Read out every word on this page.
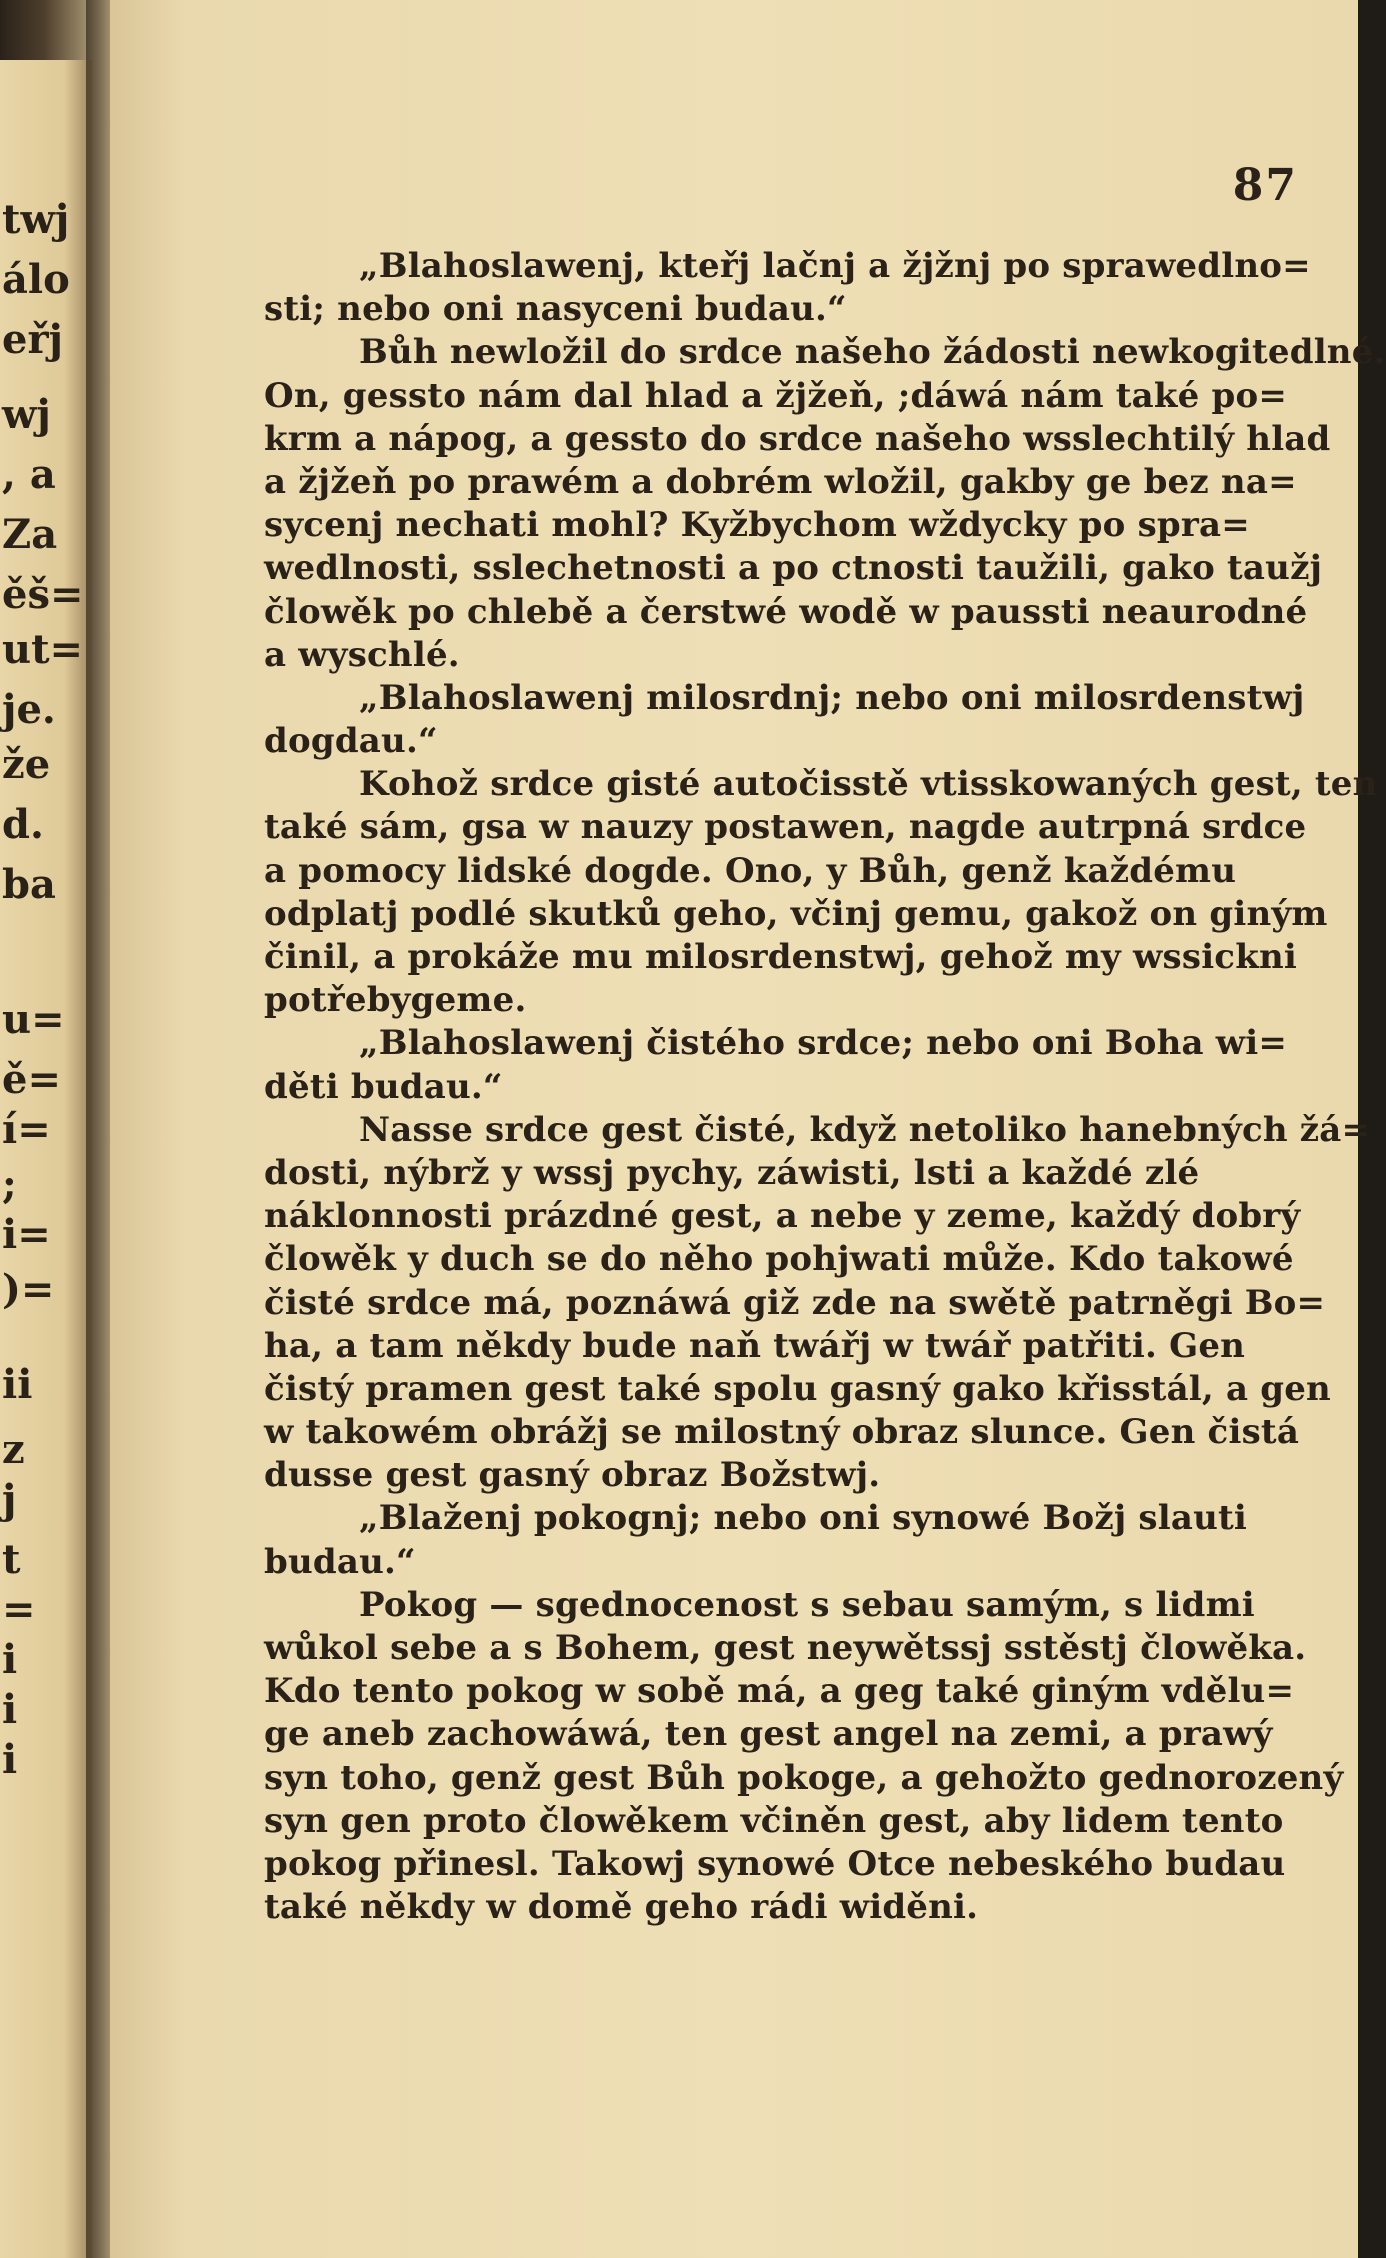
twj
álo
eřj
wj
, a
Za
ěš=
ut=
je.
že
d.
ba
u=
ě=
í=
;
i=
)=
ii
z
j
t
=
i
i
i
87
„Blahoslawenj, kteřj lačnj a žjžnj po sprawedlno=
sti; nebo oni nasyceni budau.“
Bůh newložil do srdce našeho žádosti newkogitedlné.
On, gessto nám dal hlad a žjžeň, ;dáwá nám také po=
krm a nápog, a gessto do srdce našeho wsslechtilý hlad
a žjžeň po prawém a dobrém wložil, gakby ge bez na=
sycenj nechati mohl? Kyžbychom wždycky po spra=
wedlnosti, sslechetnosti a po ctnosti taužili, gako taužj
člowěk po chlebě a čerstwé wodě w paussti neaurodné
a wyschlé.
„Blahoslawenj milosrdnj; nebo oni milosrdenstwj
dogdau.“
Kohož srdce gisté autočisstě vtisskowaných gest, ten
také sám, gsa w nauzy postawen, nagde autrpná srdce
a pomocy lidské dogde. Ono, y Bůh, genž každému
odplatj podlé skutků geho, včinj gemu, gakož on giným
činil, a prokáže mu milosrdenstwj, gehož my wssickni
potřebygeme.
„Blahoslawenj čistého srdce; nebo oni Boha wi=
děti budau.“
Nasse srdce gest čisté, když netoliko hanebných žá=
dosti, nýbrž y wssj pychy, záwisti, lsti a každé zlé
náklonnosti prázdné gest, a nebe y zeme, každý dobrý
člowěk y duch se do něho pohjwati může. Kdo takowé
čisté srdce má, poznáwá giž zde na swětě patrněgi Bo=
ha, a tam někdy bude naň twářj w twář patřiti. Gen
čistý pramen gest také spolu gasný gako křisstál, a gen
w takowém obrážj se milostný obraz slunce. Gen čistá
dusse gest gasný obraz Božstwj.
„Blaženj pokognj; nebo oni synowé Božj slauti
budau.“
Pokog — sgednocenost s sebau samým, s lidmi
wůkol sebe a s Bohem, gest neywětssj sstěstj člowěka.
Kdo tento pokog w sobě má, a geg také giným vdělu=
ge aneb zachowáwá, ten gest angel na zemi, a prawý
syn toho, genž gest Bůh pokoge, a gehožto gednorozený
syn gen proto člowěkem včiněn gest, aby lidem tento
pokog přinesl. Takowj synowé Otce nebeského budau
také někdy w domě geho rádi widěni.
